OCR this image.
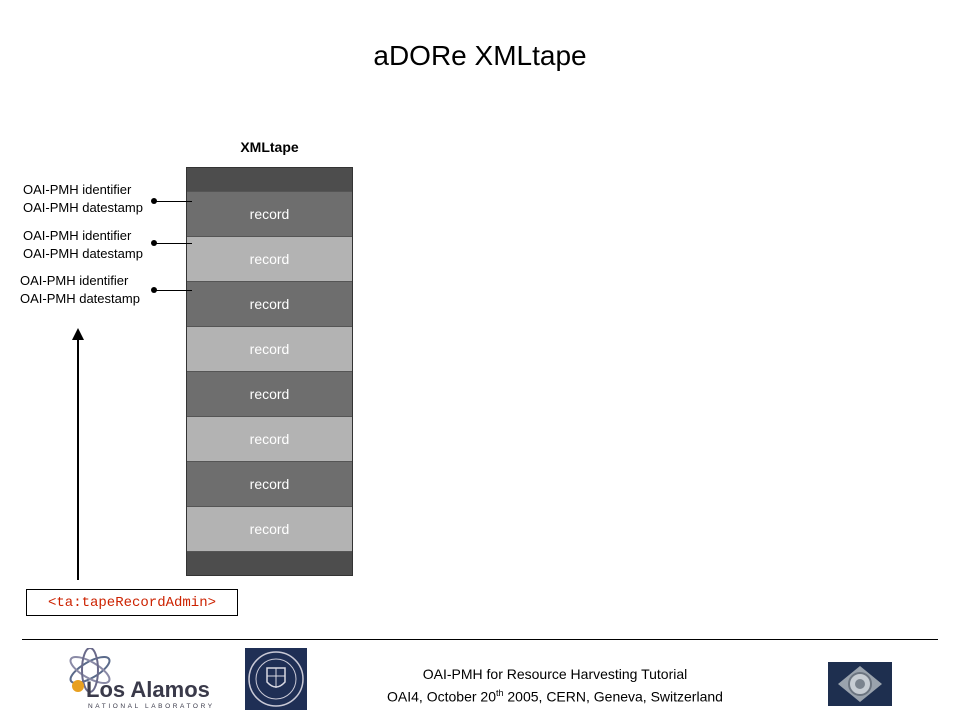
aDORe XMLtape
XMLtape
record
record
record
record
record
record
record
record
OAI-PMH identifier
OAI-PMH datestamp
OAI-PMH identifier
OAI-PMH datestamp
OAI-PMH identifier
OAI-PMH datestamp
<ta:tapeRecordAdmin>
Los Alamos
NATIONAL LABORATORY
OAI-PMH for Resource Harvesting Tutorial
OAI4, October 20th 2005, CERN, Geneva, Switzerland
